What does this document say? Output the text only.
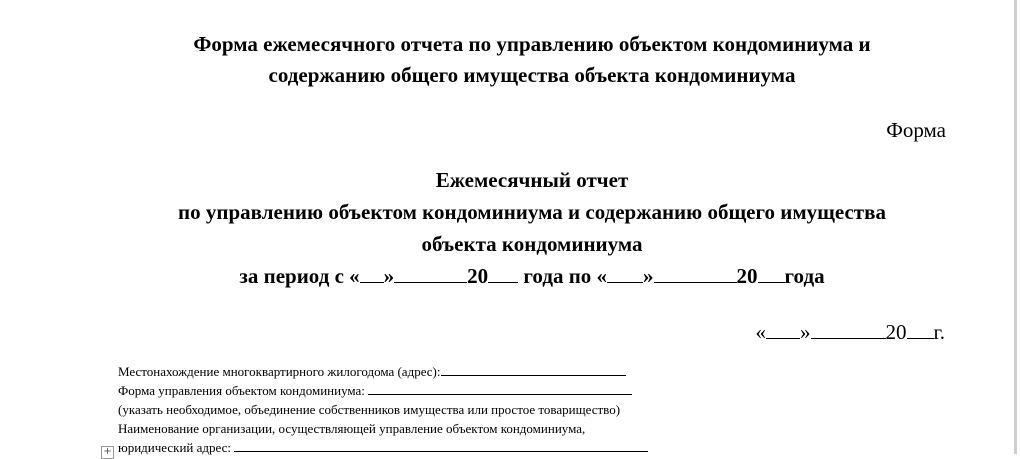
Форма ежемесячного отчета по управлению объектом кондоминиума и
содержанию общего имущества объекта кондоминиума
Форма
Ежемесячный отчет
по управлению объектом кондоминиума и содержанию общего имущества
объекта кондоминиума
за период с « »	20 года по « »	20 года
« »	20 г.
Местонахождение многоквартирного жилогодома (адрес):
Форма управления объектом кондоминиума:
(указать необходимое, объединение собственников имущества или простое товарищество)
Наименование организации, осуществляющей управление объектом кондоминиума,
юридический адрес:
+
